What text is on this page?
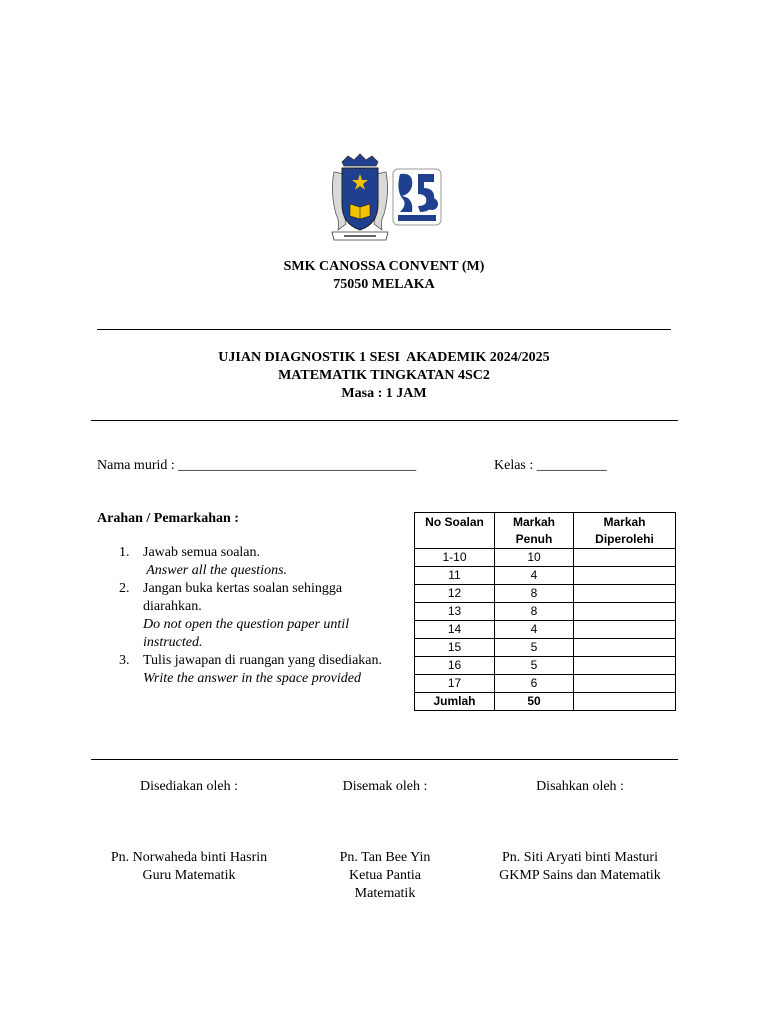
SMK CANOSSA CONVENT (M)
75050 MELAKA
UJIAN DIAGNOSTIK 1 SESI  AKADEMIK 2024/2025
MATEMATIK TINGKATAN 4SC2
Masa : 1 JAM
Nama murid : __________________________________	Kelas : __________
Arahan / Pemarkahan :
1. Jawab semua soalan.
Answer all the questions.
2. Jangan buka kertas soalan sehingga diarahkan.
Do not open the question paper until instructed.
3. Tulis jawapan di ruangan yang disediakan.
Write the answer in the space provided
No Soalan	Markah Penuh	Markah Diperolehi
1-10	10	
11	4	
12	8	
13	8	
14	4	
15	5	
16	5	
17	6	
Jumlah	50	
Disediakan oleh :
Pn. Norwaheda binti Hasrin
Guru Matematik
Disemak oleh :
Pn. Tan Bee Yin
Ketua Pantia Matematik
Disahkan oleh :
Pn. Siti Aryati binti Masturi
GKMP Sains dan Matematik
